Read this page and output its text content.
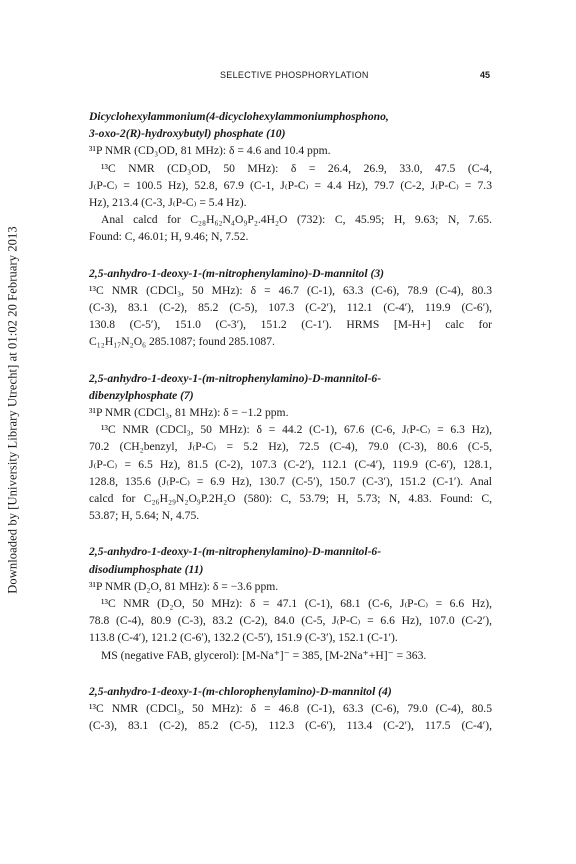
Downloaded by [University Library Utrecht] at 01:02 20 February 2013
SELECTIVE PHOSPHORYLATION	45
Dicyclohexylammonium(4-dicyclohexylammoniumphosphono,
3-oxo-2(R)-hydroxybutyl) phosphate (10)
³¹P NMR (CD₃OD, 81 MHz): δ = 4.6 and 10.4 ppm.
¹³C NMR (CD₃OD, 50 MHz): δ = 26.4, 26.9, 33.0, 47.5 (C-4,
J₍P-C₎ = 100.5 Hz), 52.8, 67.9 (C-1, J₍P-C₎ = 4.4 Hz), 79.7 (C-2, J₍P-C₎ = 7.3
Hz), 213.4 (C-3, J₍P-C₎ = 5.4 Hz).
Anal calcd for C₂₈H₆₂N₄O₉P₂.4H₂O (732): C, 45.95; H, 9.63; N, 7.65.
Found: C, 46.01; H, 9.46; N, 7.52.
2,5-anhydro-1-deoxy-1-(m-nitrophenylamino)-D-mannitol (3)
¹³C NMR (CDCl₃, 50 MHz): δ = 46.7 (C-1), 63.3 (C-6), 78.9 (C-4), 80.3
(C-3), 83.1 (C-2), 85.2 (C-5), 107.3 (C-2′), 112.1 (C-4′), 119.9 (C-6′),
130.8 (C-5′), 151.0 (C-3′), 151.2 (C-1′). HRMS [M-H+] calc for
C₁₂H₁₇N₂O₆ 285.1087; found 285.1087.
2,5-anhydro-1-deoxy-1-(m-nitrophenylamino)-D-mannitol-6-
dibenzylphosphate (7)
³¹P NMR (CDCl₃, 81 MHz): δ = −1.2 ppm.
¹³C NMR (CDCl₃, 50 MHz): δ = 44.2 (C-1), 67.6 (C-6, J₍P-C₎ = 6.3 Hz),
70.2 (CH₂benzyl, J₍P-C₎ = 5.2 Hz), 72.5 (C-4), 79.0 (C-3), 80.6 (C-5,
J₍P-C₎ = 6.5 Hz), 81.5 (C-2), 107.3 (C-2′), 112.1 (C-4′), 119.9 (C-6′), 128.1,
128.8, 135.6 (J₍P-C₎ = 6.9 Hz), 130.7 (C-5′), 150.7 (C-3′), 151.2 (C-1′). Anal
calcd for C₂₆H₂₉N₂O₉P.2H₂O (580): C, 53.79; H, 5.73; N, 4.83. Found: C,
53.87; H, 5.64; N, 4.75.
2,5-anhydro-1-deoxy-1-(m-nitrophenylamino)-D-mannitol-6-
disodiumphosphate (11)
³¹P NMR (D₂O, 81 MHz): δ = −3.6 ppm.
¹³C NMR (D₂O, 50 MHz): δ = 47.1 (C-1), 68.1 (C-6, J₍P-C₎ = 6.6 Hz),
78.8 (C-4), 80.9 (C-3), 83.2 (C-2), 84.0 (C-5, J₍P-C₎ = 6.6 Hz), 107.0 (C-2′),
113.8 (C-4′), 121.2 (C-6′), 132.2 (C-5′), 151.9 (C-3′), 152.1 (C-1′).
MS (negative FAB, glycerol): [M-Na⁺]⁻ = 385, [M-2Na⁺+H]⁻ = 363.
2,5-anhydro-1-deoxy-1-(m-chlorophenylamino)-D-mannitol (4)
¹³C NMR (CDCl₃, 50 MHz): δ = 46.8 (C-1), 63.3 (C-6), 79.0 (C-4), 80.5
(C-3), 83.1 (C-2), 85.2 (C-5), 112.3 (C-6′), 113.4 (C-2′), 117.5 (C-4′),
